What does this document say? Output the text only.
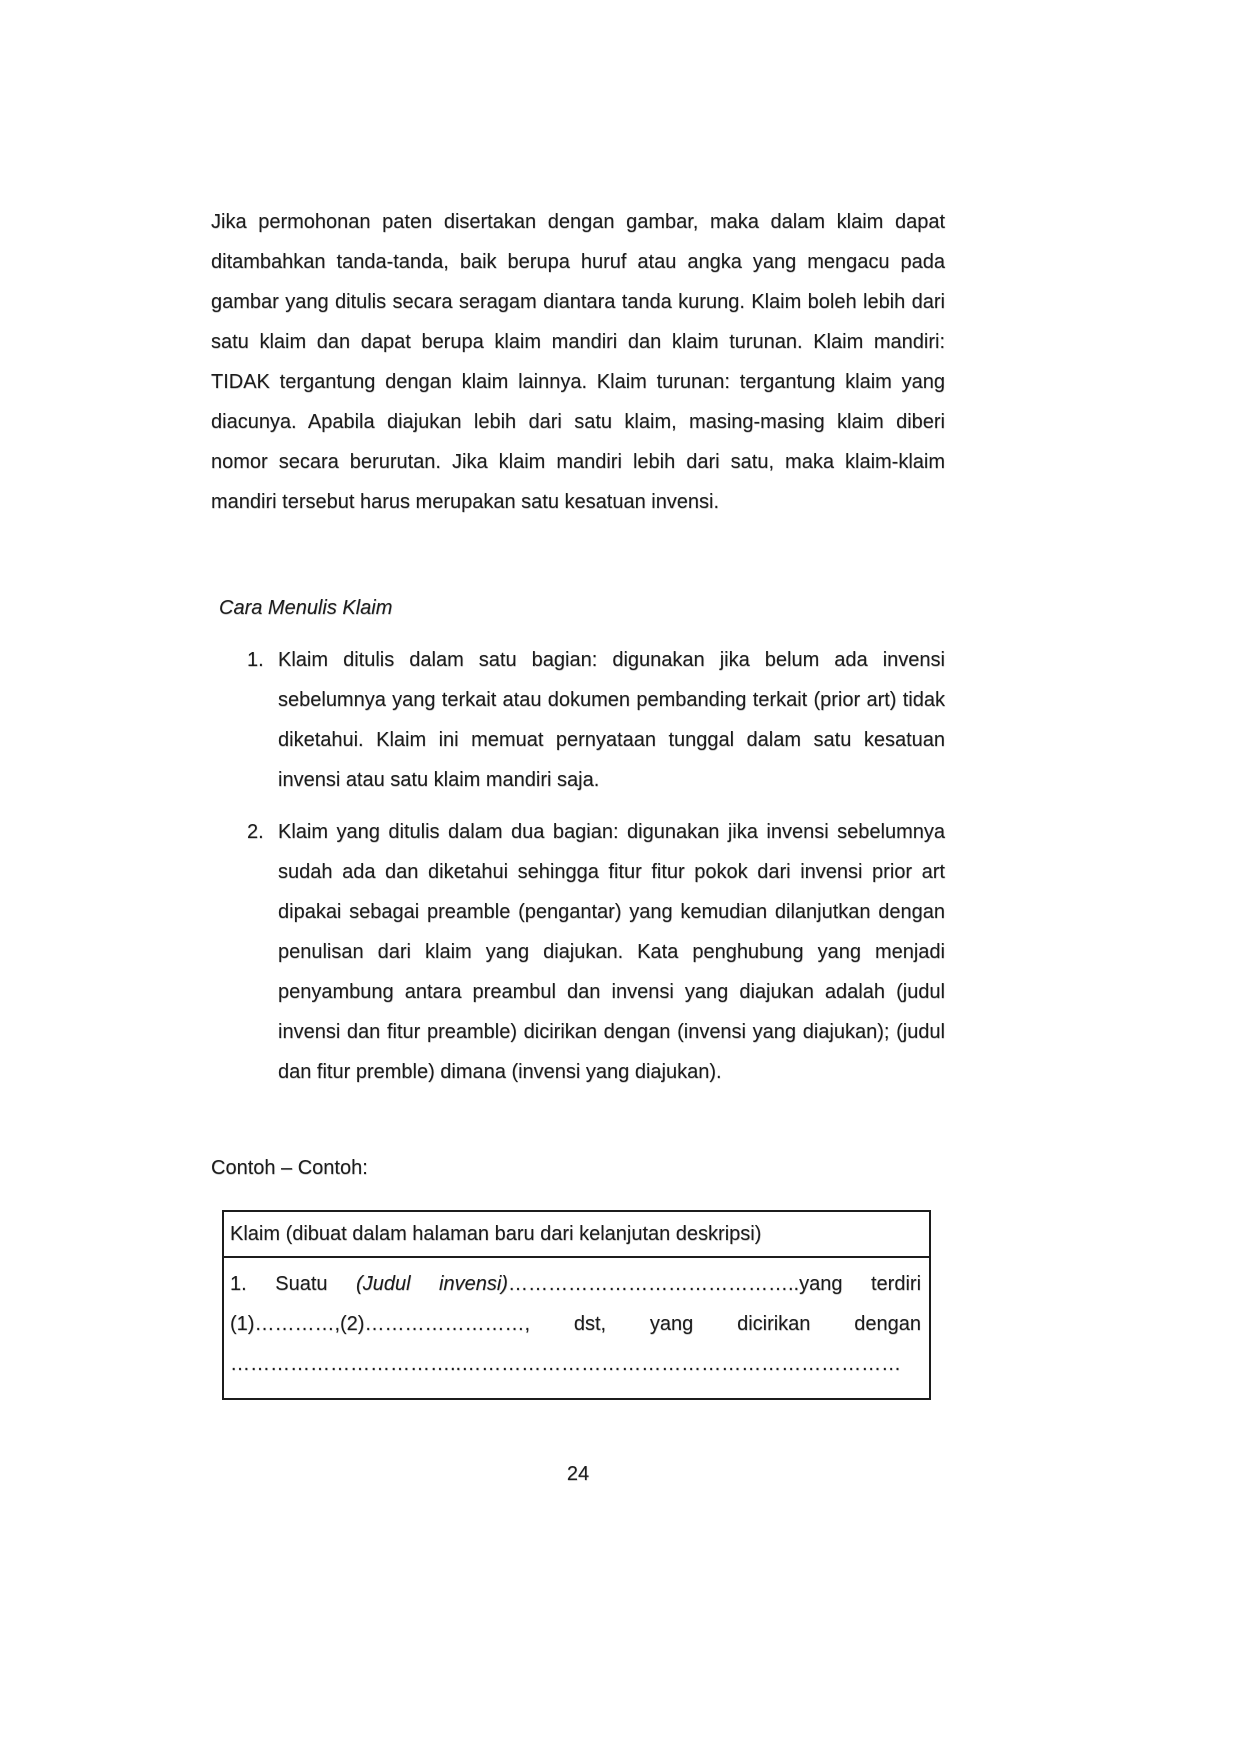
Jika permohonan paten disertakan dengan gambar, maka dalam klaim dapat ditambahkan tanda-tanda, baik berupa huruf atau angka yang mengacu pada gambar yang ditulis secara seragam diantara tanda kurung. Klaim boleh lebih dari satu klaim dan dapat berupa klaim mandiri dan klaim turunan. Klaim mandiri: TIDAK tergantung dengan klaim lainnya. Klaim turunan: tergantung klaim yang diacunya. Apabila diajukan lebih dari satu klaim, masing-masing klaim diberi nomor secara berurutan. Jika klaim mandiri lebih dari satu, maka klaim-klaim mandiri tersebut harus merupakan satu kesatuan invensi.

Cara Menulis Klaim

1. Klaim ditulis dalam satu bagian: digunakan jika belum ada invensi sebelumnya yang terkait atau dokumen pembanding terkait (prior art) tidak diketahui. Klaim ini memuat pernyataan tunggal dalam satu kesatuan invensi atau satu klaim mandiri saja.
2. Klaim yang ditulis dalam dua bagian: digunakan jika invensi sebelumnya sudah ada dan diketahui sehingga fitur fitur pokok dari invensi prior art dipakai sebagai preamble (pengantar) yang kemudian dilanjutkan dengan penulisan dari klaim yang diajukan. Kata penghubung yang menjadi penyambung antara preambul dan invensi yang diajukan adalah (judul invensi dan fitur preamble) dicirikan dengan (invensi yang diajukan); (judul dan fitur premble) dimana (invensi yang diajukan).

Contoh – Contoh:

Klaim (dibuat dalam halaman baru dari kelanjutan deskripsi)
1. Suatu (Judul invensi)……………………………………..yang terdiri
(1)…………,(2)……………………, dst, yang dicirikan dengan
……………………………..…………………………………………………………

24
